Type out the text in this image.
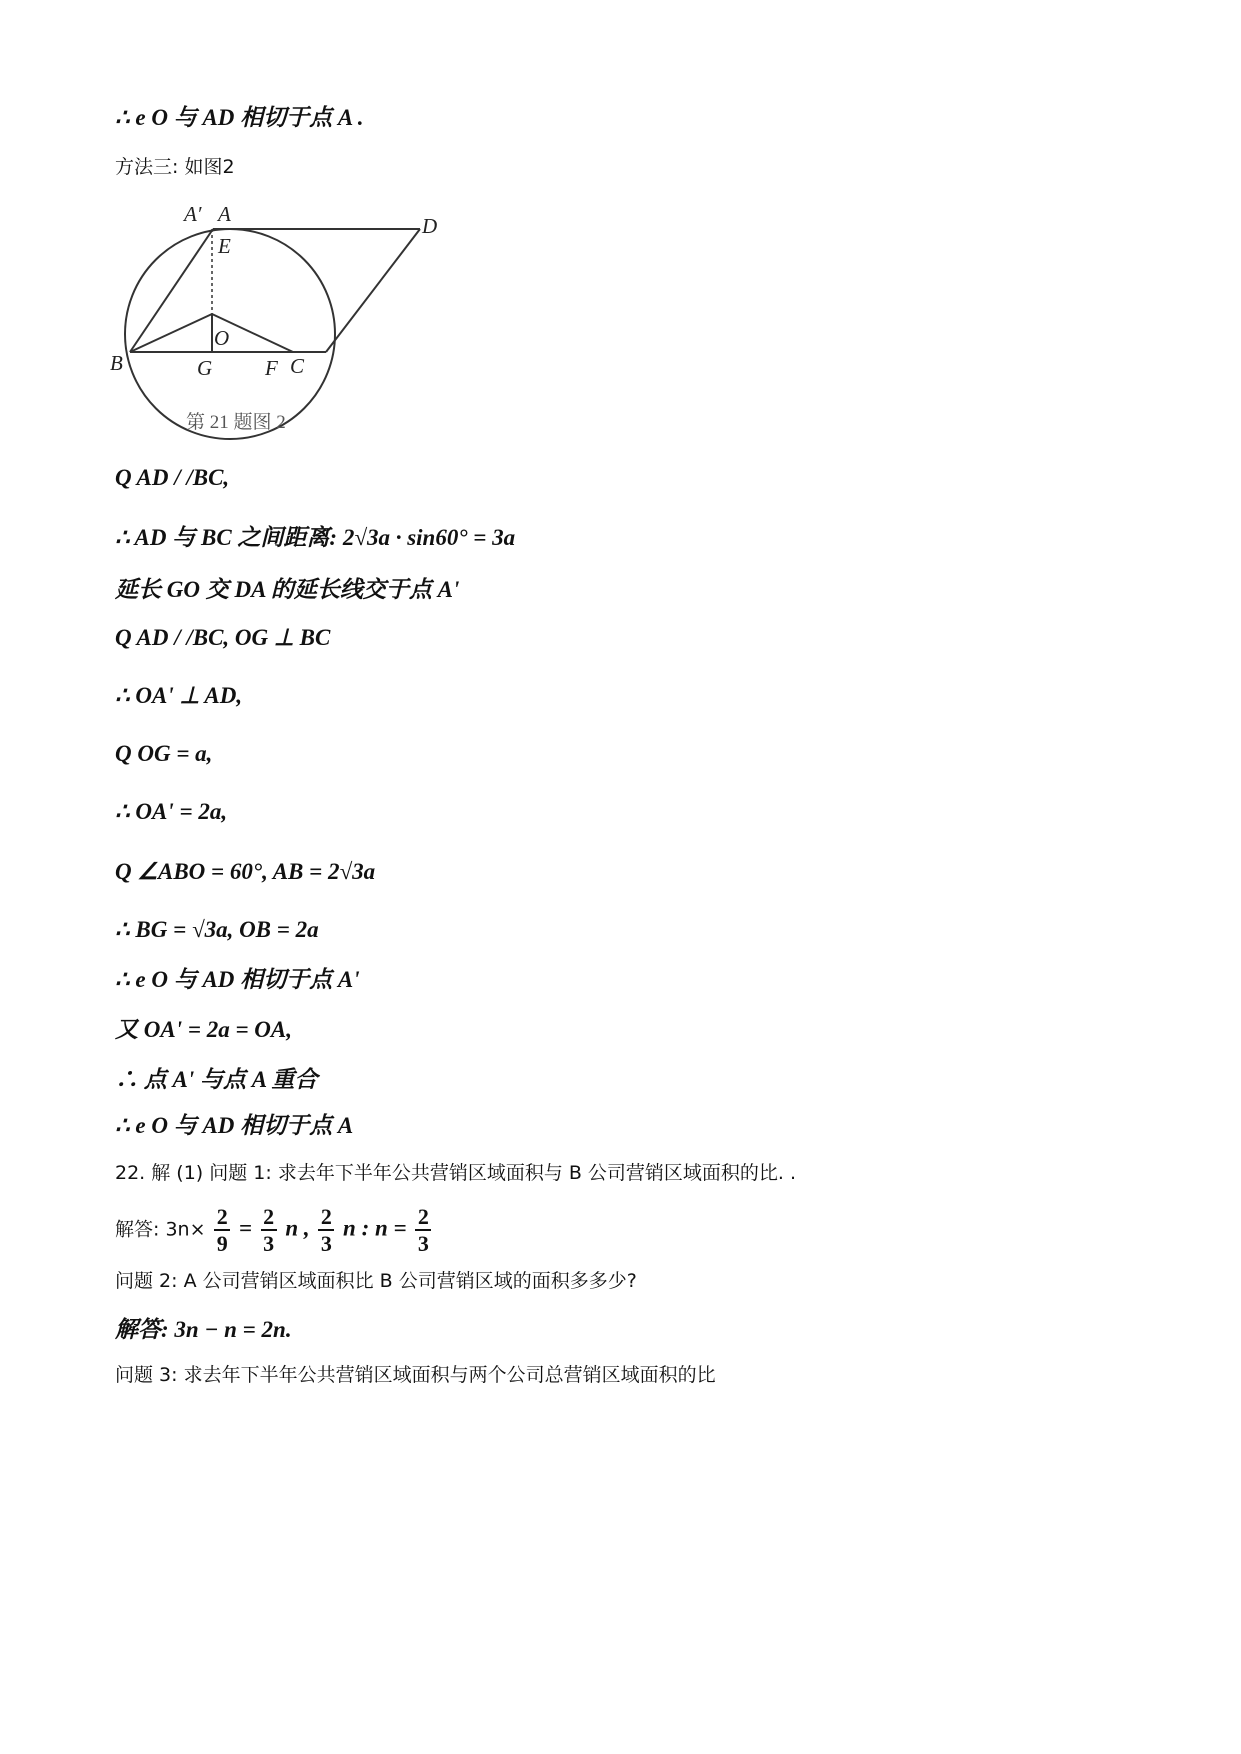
∴ e O 与 AD 相切于点 A .
方法三: 如图2
A′ A	D
E
O
B	G	F C
第 21 题图 2
Q AD / /BC,
∴ AD 与 BC 之间距离: 2√3a · sin60° = 3a
延长 GO 交 DA 的延长线交于点 A'
Q AD / /BC, OG ⊥ BC
∴ OA' ⊥ AD,
Q OG = a,
∴ OA' = 2a,
Q ∠ABO = 60°, AB = 2√3a
∴ BG = √3a, OB = 2a
∴ e O 与 AD 相切于点 A'
又 OA' = 2a = OA,
∴ 点 A' 与点 A 重合
∴ e O 与 AD 相切于点 A
22. 解 (1) 问题 1: 求去年下半年公共营销区域面积与 B 公司营销区域面积的比. .
解答: $3n\times \frac{2}{9} = \frac{2}{3}$ n , $\frac{2}{3}$ n : $n = \frac{2}{3}$
问题 2: A 公司营销区域面积比 B 公司营销区域的面积多多少?
解答: 3n − n = 2n.
问题 3: 求去年下半年公共营销区域面积与两个公司总营销区域面积的比
